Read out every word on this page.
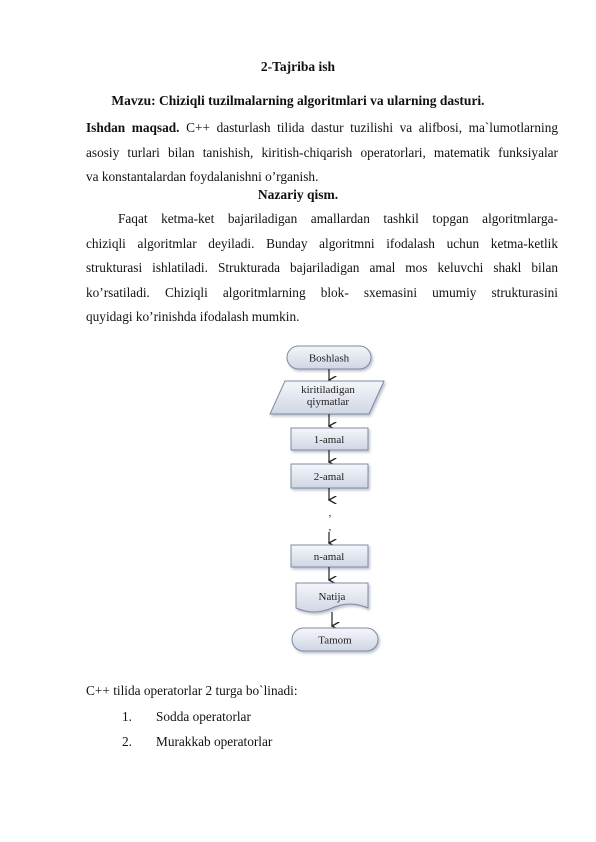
2-Tajriba ish
Mavzu: Chiziqli tuzilmalarning algoritmlari va ularning dasturi.
Ishdan maqsad. C++ dasturlash tilida dastur tuzilishi va alifbosi, ma`lumotlarning
asosiy turlari bilan tanishish, kiritish-chiqarish operatorlari, matematik funksiyalar
va konstantalardan foydalanishni o’rganish.
Nazariy qism.
Faqat ketma-ket bajariladigan amallardan tashkil topgan algoritmlarga-
chiziqli algoritmlar deyiladi. Bunday algoritmni ifodalash uchun ketma-ketlik
strukturasi ishlatiladi. Strukturada bajariladigan amal mos keluvchi shakl bilan
ko’rsatiladi. Chiziqli algoritmlarning blok- sxemasini umumiy strukturasini
quyidagi ko’rinishda ifodalash mumkin.
Boshlash
kiritiladigan
qiymatlar
1-amal
2-amal
,
,
n-amal
Natija
Tamom
C++ tilida operatorlar 2 turga bo`linadi:
1. Sodda operatorlar
2. Murakkab operatorlar
